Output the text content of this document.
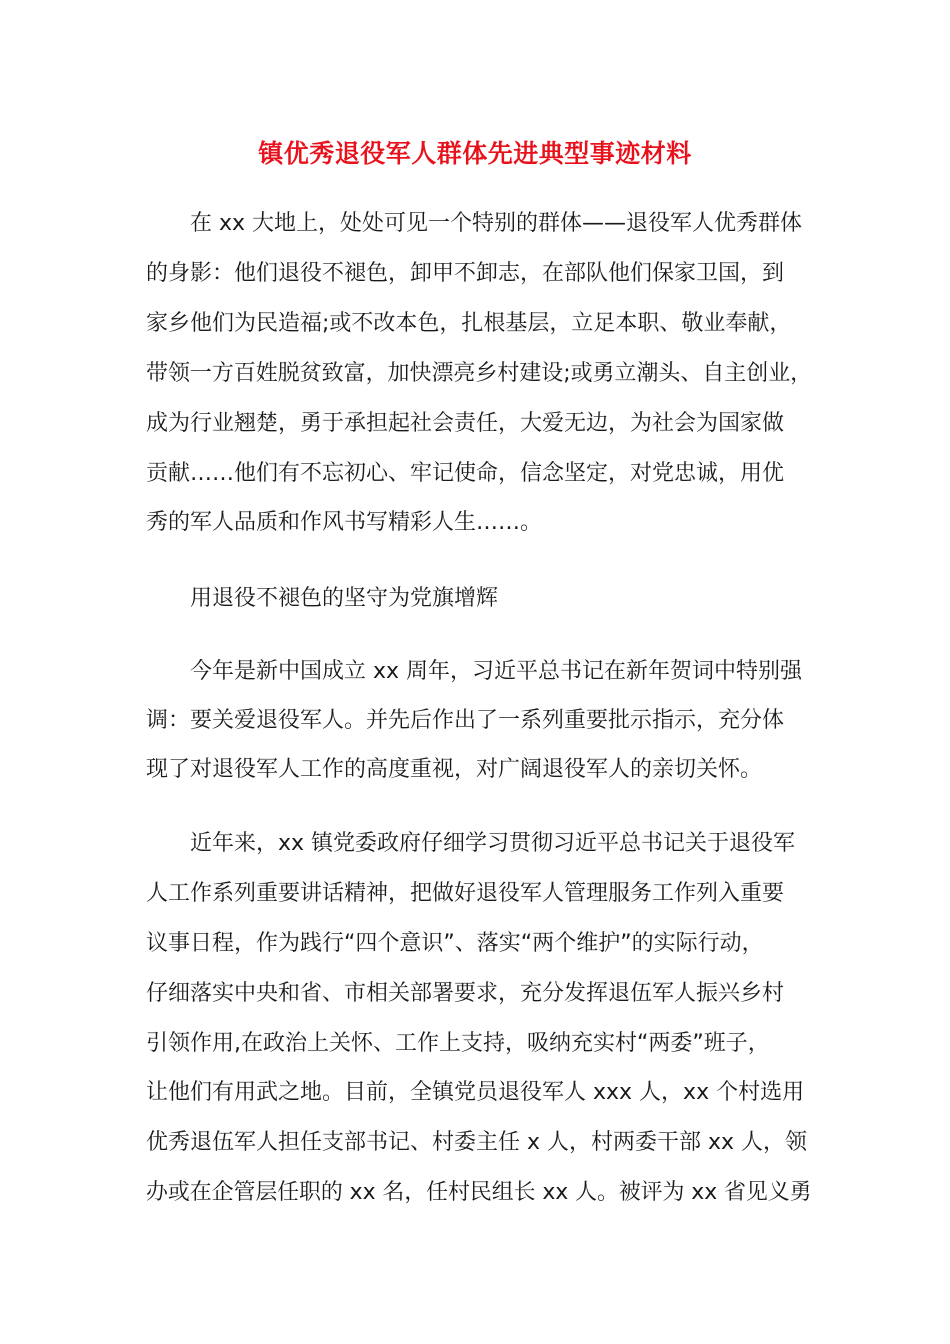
镇优秀退役军人群体先进典型事迹材料

在 xx 大地上，处处可见一个特别的群体——退役军人优秀群体

的身影：他们退役不褪色，卸甲不卸志，在部队他们保家卫国，到

家乡他们为民造福;或不改本色，扎根基层，立足本职、敬业奉献，

带领一方百姓脱贫致富，加快漂亮乡村建设;或勇立潮头、自主创业，

成为行业翘楚，勇于承担起社会责任，大爱无边，为社会为国家做

贡献……他们有不忘初心、牢记使命，信念坚定，对党忠诚，用优

秀的军人品质和作风书写精彩人生……。

用退役不褪色的坚守为党旗增辉

今年是新中国成立 xx 周年，习近平总书记在新年贺词中特别强

调：要关爱退役军人。并先后作出了一系列重要批示指示，充分体

现了对退役军人工作的高度重视，对广阔退役军人的亲切关怀。

近年来，xx 镇党委政府仔细学习贯彻习近平总书记关于退役军

人工作系列重要讲话精神，把做好退役军人管理服务工作列入重要

议事日程，作为践行“四个意识”、落实“两个维护”的实际行动，

仔细落实中央和省、市相关部署要求，充分发挥退伍军人振兴乡村

引领作用,在政治上关怀、工作上支持，吸纳充实村“两委”班子，

让他们有用武之地。目前，全镇党员退役军人 xxx 人，xx 个村选用

优秀退伍军人担任支部书记、村委主任 x 人，村两委干部 xx 人，领

办或在企管层任职的 xx 名，任村民组长 xx 人。被评为 xx 省见义勇
